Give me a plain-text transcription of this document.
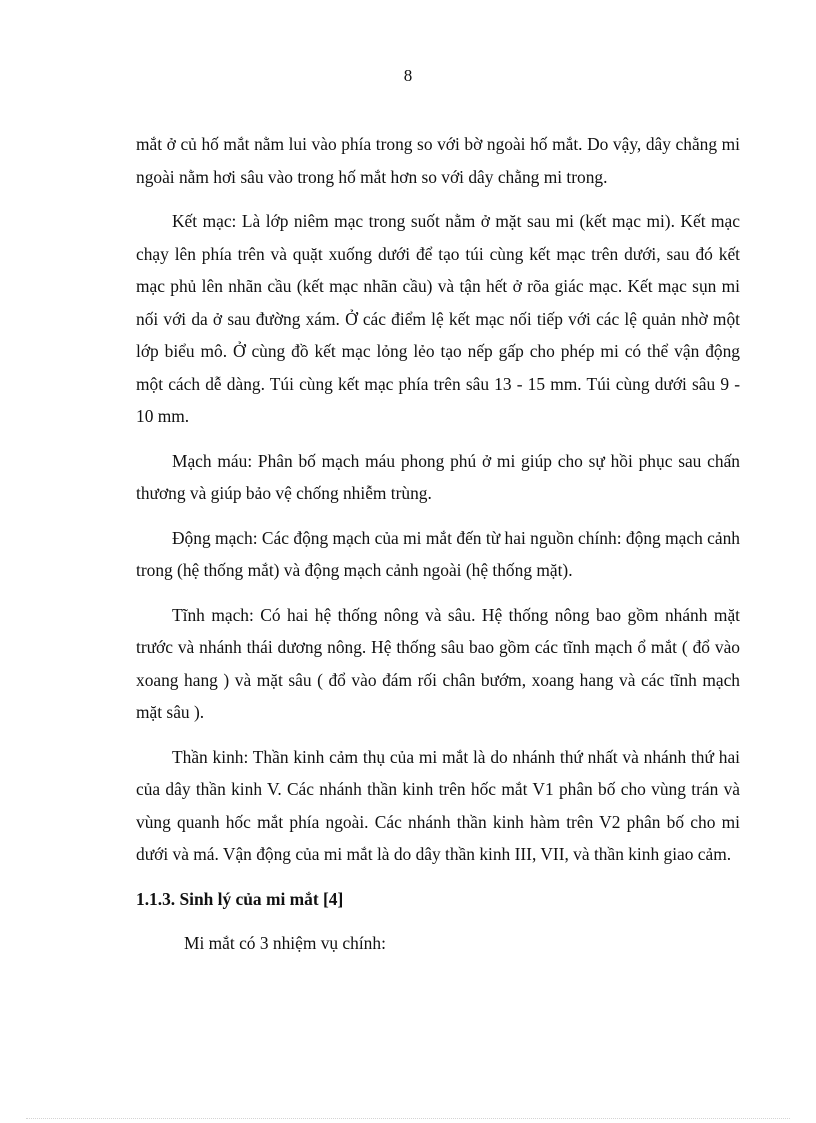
8

mắt ở củ hố mắt nằm lui vào phía trong so với bờ ngoài hố mắt. Do vậy, dây chằng mi ngoài nằm hơi sâu vào trong hố mắt hơn so với dây chằng mi trong.

Kết mạc: Là lớp niêm mạc trong suốt nằm ở mặt sau mi (kết mạc mi). Kết mạc chạy lên phía trên và quặt xuống dưới để tạo túi cùng kết mạc trên dưới, sau đó kết mạc phủ lên nhãn cầu (kết mạc nhãn cầu) và tận hết ở rõa giác mạc. Kết mạc sụn mi nối với da ở sau đường xám. Ở các điểm lệ kết mạc nối tiếp với các lệ quản nhờ một lớp biểu mô. Ở cùng đồ kết mạc lỏng lẻo tạo nếp gấp cho phép mi có thể vận động một cách dễ dàng. Túi cùng kết mạc phía trên sâu 13 - 15 mm. Túi cùng dưới sâu 9 - 10 mm.

Mạch máu: Phân bố mạch máu phong phú ở mi giúp cho sự hồi phục sau chấn thương và giúp bảo vệ chống nhiễm trùng.

Động mạch: Các động mạch của mi mắt đến từ hai nguồn chính: động mạch cảnh trong (hệ thống mắt) và động mạch cảnh ngoài (hệ thống mặt).

Tĩnh mạch: Có hai hệ thống nông và sâu. Hệ thống nông bao gồm nhánh mặt trước và nhánh thái dương nông. Hệ thống sâu bao gồm các tĩnh mạch ổ mắt ( đổ vào xoang hang ) và mặt sâu ( đổ vào đám rối chân bướm, xoang hang và các tĩnh mạch mặt sâu ).

Thần kinh: Thần kinh cảm thụ của mi mắt là do nhánh thứ nhất và nhánh thứ hai của dây thần kinh V. Các nhánh thần kinh trên hốc mắt V1 phân bố cho vùng trán và vùng quanh hốc mắt phía ngoài. Các nhánh thần kinh hàm trên V2 phân bố cho mi dưới và má. Vận động của mi mắt là do dây thần kinh III, VII, và thần kinh giao cảm.

1.1.3. Sinh lý của mi mắt [4]

Mi mắt có 3 nhiệm vụ chính:
